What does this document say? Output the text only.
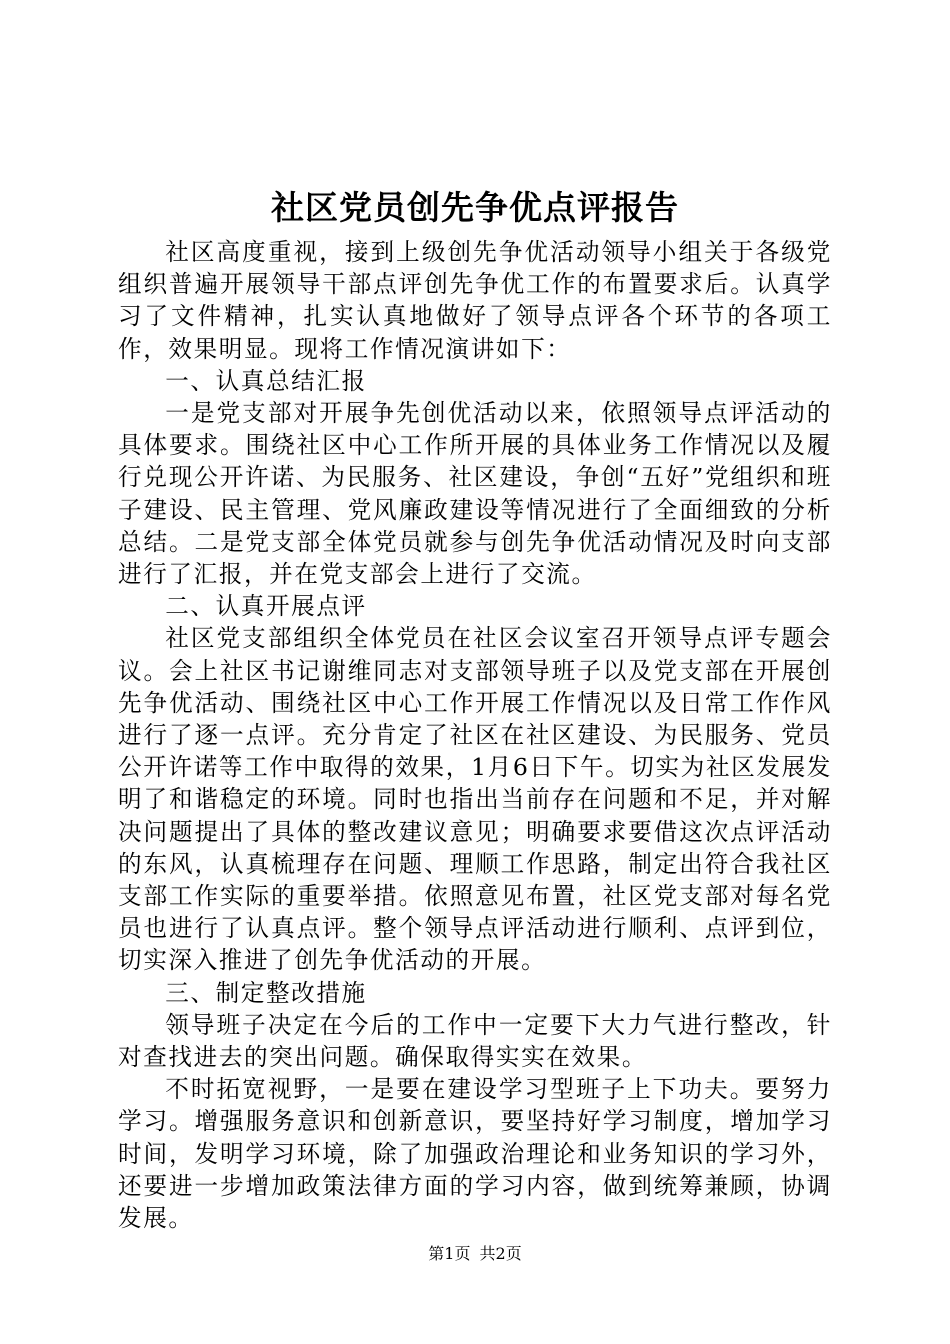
社区党员创先争优点评报告

社区高度重视，接到上级创先争优活动领导小组关于各级党组织普遍开展领导干部点评创先争优工作的布置要求后。认真学习了文件精神，扎实认真地做好了领导点评各个环节的各项工作，效果明显。现将工作情况演讲如下：

一、认真总结汇报

一是党支部对开展争先创优活动以来，依照领导点评活动的具体要求。围绕社区中心工作所开展的具体业务工作情况以及履行兑现公开许诺、为民服务、社区建设，争创“五好”党组织和班子建设、民主管理、党风廉政建设等情况进行了全面细致的分析总结。二是党支部全体党员就参与创先争优活动情况及时向支部进行了汇报，并在党支部会上进行了交流。

二、认真开展点评

社区党支部组织全体党员在社区会议室召开领导点评专题会议。会上社区书记谢维同志对支部领导班子以及党支部在开展创先争优活动、围绕社区中心工作开展工作情况以及日常工作作风进行了逐一点评。充分肯定了社区在社区建设、为民服务、党员公开许诺等工作中取得的效果，1月6日下午。切实为社区发展发明了和谐稳定的环境。同时也指出当前存在问题和不足，并对解决问题提出了具体的整改建议意见；明确要求要借这次点评活动的东风，认真梳理存在问题、理顺工作思路，制定出符合我社区支部工作实际的重要举措。依照意见布置，社区党支部对每名党员也进行了认真点评。整个领导点评活动进行顺利、点评到位，切实深入推进了创先争优活动的开展。

三、制定整改措施

领导班子决定在今后的工作中一定要下大力气进行整改，针对查找进去的突出问题。确保取得实实在效果。

不时拓宽视野，一是要在建设学习型班子上下功夫。要努力学习。增强服务意识和创新意识，要坚持好学习制度，增加学习时间，发明学习环境，除了加强政治理论和业务知识的学习外，还要进一步增加政策法律方面的学习内容，做到统筹兼顾，协调发展。

第1页 共2页
